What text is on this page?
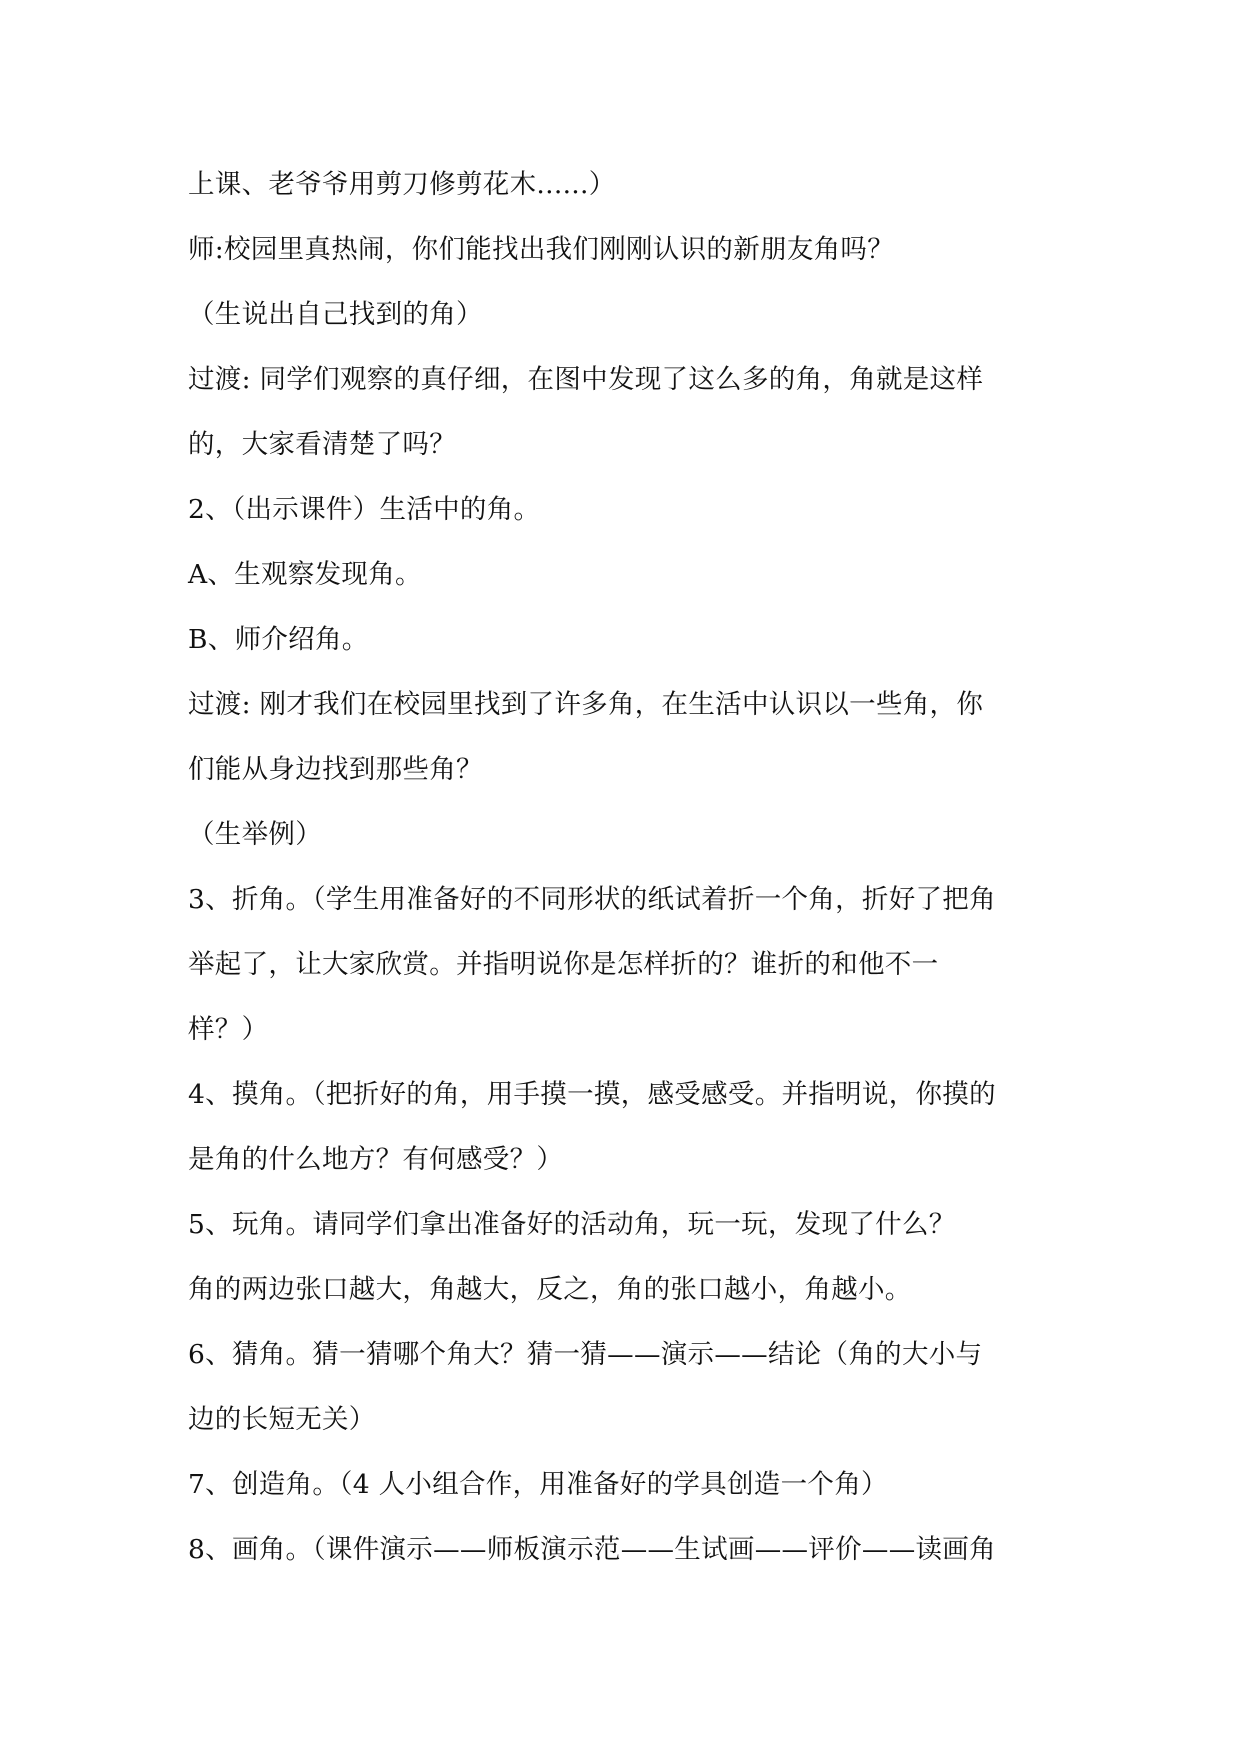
上课、老爷爷用剪刀修剪花木......）
师:校园里真热闹，你们能找出我们刚刚认识的新朋友角吗？
（生说出自己找到的角）
过渡: 同学们观察的真仔细，在图中发现了这么多的角，角就是这样
的，大家看清楚了吗？
2、（出示课件）生活中的角。
A、生观察发现角。
B、师介绍角。
过渡: 刚才我们在校园里找到了许多角，在生活中认识以一些角，你
们能从身边找到那些角？
（生举例）
3、折角。（学生用准备好的不同形状的纸试着折一个角，折好了把角
举起了，让大家欣赏。并指明说你是怎样折的？谁折的和他不一
样？）
4、摸角。（把折好的角，用手摸一摸，感受感受。并指明说，你摸的
是角的什么地方？有何感受？）
5、玩角。请同学们拿出准备好的活动角，玩一玩，发现了什么？
角的两边张口越大，角越大，反之，角的张口越小，角越小。
6、猜角。猜一猜哪个角大？猜一猜——演示——结论（角的大小与
边的长短无关）
7、创造角。（4 人小组合作，用准备好的学具创造一个角）
8、画角。（课件演示——师板演示范——生试画——评价——读画角
